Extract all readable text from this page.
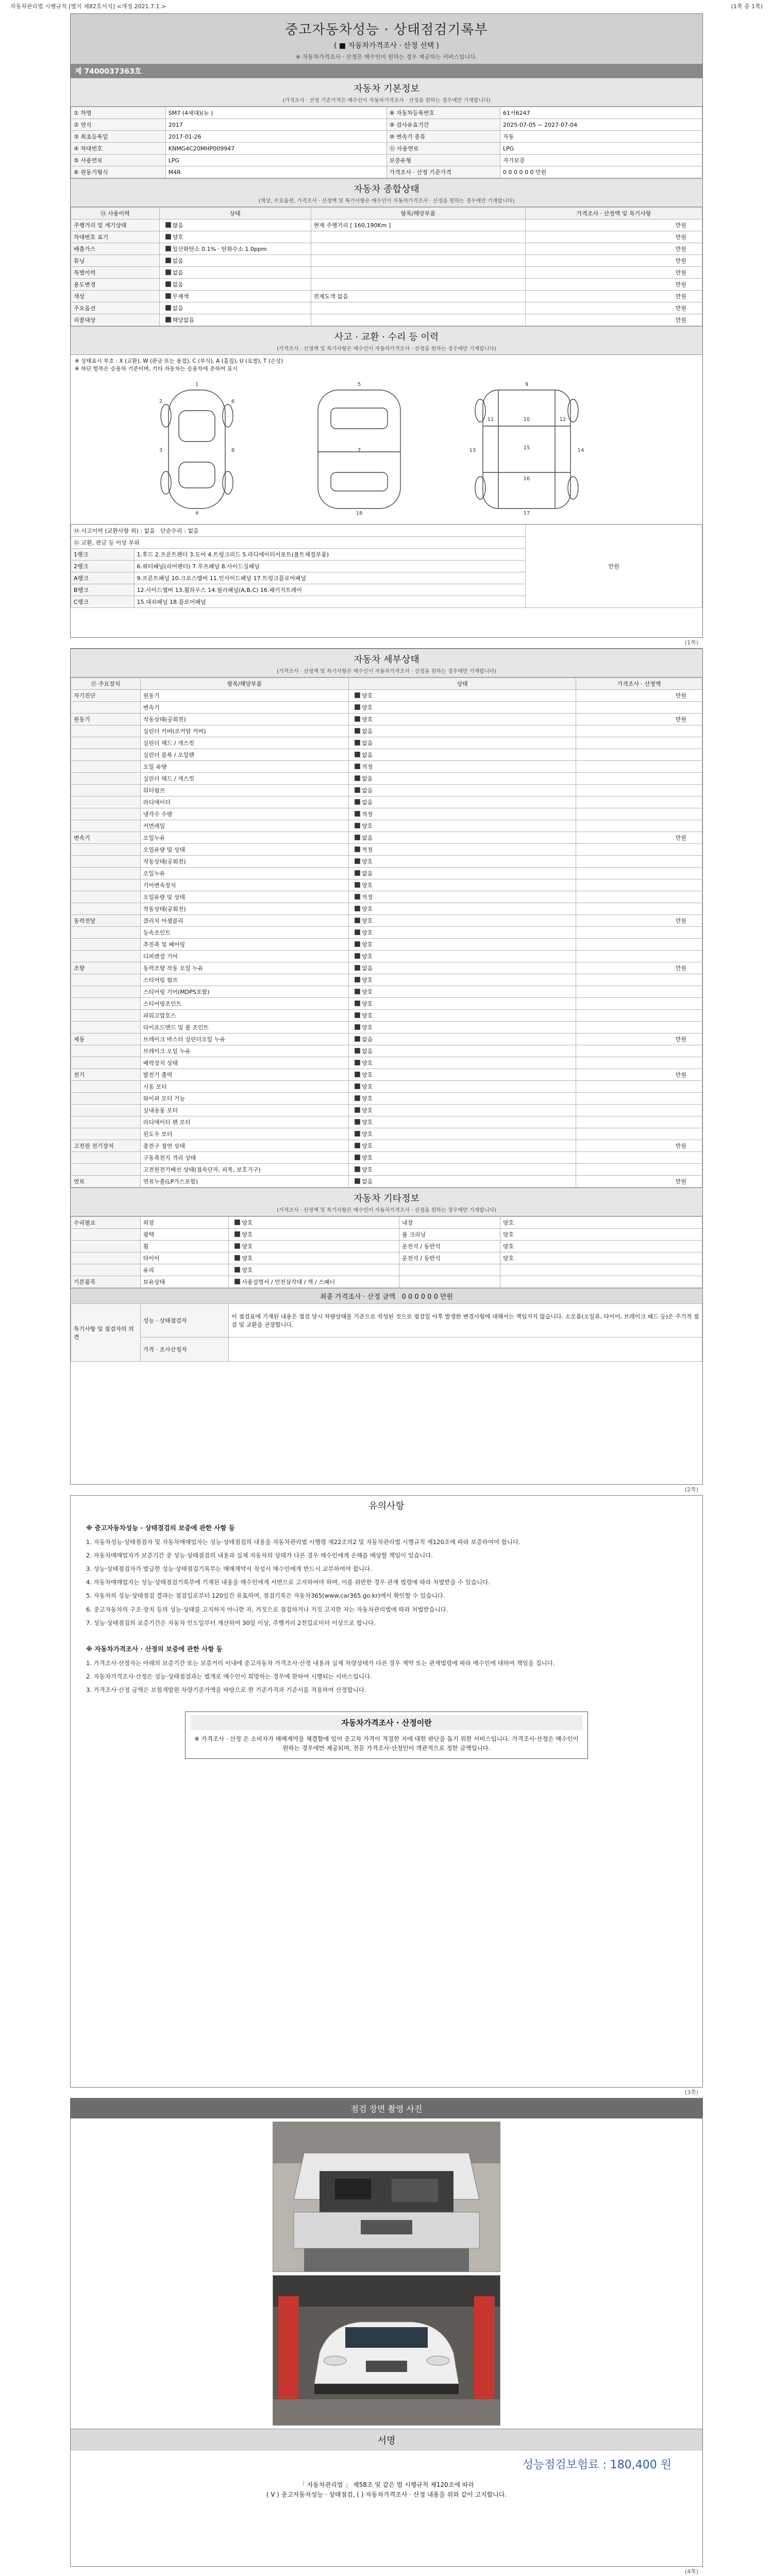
자동차관리법 시행규칙 [별지 제82호서식] <개정 2021.7.1.>	(1쪽 중 1쪽)
중고자동차성능 · 상태점검기록부
( ■ 자동차가격조사 · 산정 선택 )
※ 자동차가격조사 · 산정은 매수인이 원하는 경우 제공하는 서비스입니다.
제 7400037363호
자동차 기본정보
(가격조사 · 산정 기준가격은 매수인이 자동차가격조사 · 산정을 원하는 경우에만 기재합니다)
① 차명	SM7 (4세대)(뉴 )	⑧ 자동차등록번호	61서6247
② 연식	2017	⑨ 검사유효기간	2025-07-05 ~ 2027-07-04
③ 최초등록일	2017-01-26	⑩ 변속기 종류	자동
④ 차대번호	KNMG4C20MHP009947	⑪ 사용연료	LPG
⑤ 사용연료	LPG	보증유형	자가보증
⑥ 원동기형식	M4R	가격조사 · 산정 기준가격	0 0 0 0 0 0 만원
자동차 종합상태
(색상, 주요옵션, 가격조사 · 산정액 및 특기사항은 매수인이 자동차가격조사 · 산정을 원하는 경우에만 기재합니다)
⑬ 사용이력	상태	항목/해당부품	가격조사 · 산정액 및 특기사항
주행거리 및 계기상태	많음	현재 주행거리 [ 160,190Km ]	만원
차대번호 표기	양호		만원
배출가스	일산화탄소 0.1% · 탄화수소 1.0ppm		만원
튜닝	없음		만원
특별이력	없음		만원
용도변경	없음		만원
색상	무채색	전체도색 없음	만원
주요옵션	없음		만원
리콜대상	해당없음		만원
사고 · 교환 · 수리 등 이력
(가격조사 · 산정액 및 특기사항은 매수인이 자동차가격조사 · 산정을 원하는 경우에만 기재합니다)
※ 상태표시 부호 : X (교환), W (판금 또는 용접), C (부식), A (흠집), U (요철), T (손상)
※ 하단 항목은 승용차 기준이며, 기타 자동차는 승용차에 준하여 표시
1
2
3
4
5
6
7
8
9
10
11	12
13	14
15
16
17
18
⑭ 사고이력 (교환사항 외) : 없음 단순수리 : 없음		만원
⑮ 교환, 판금 등 이상 부위		
1랭크	1.후드 2.프론트펜더 3.도어 4.트렁크리드 5.라디에이터서포트(볼트체결부품)	
2랭크	6.쿼터패널(리어펜더) 7.루프패널 8.사이드실패널	
A랭크	9.프론트패널 10.크로스멤버 11.인사이드패널 17.트렁크플로어패널	
B랭크	12.사이드멤버 13.휠하우스 14.필러패널(A,B,C) 16.패키지트레이	
C랭크	15.대쉬패널 18.플로어패널	
(1쪽)
자동차 세부상태
(가격조사 · 산정액 및 특기사항은 매수인이 자동차가격조사 · 산정을 원하는 경우에만 기재합니다)
⑰ 주요장치	항목/해당부품	상태	가격조사 · 산정액
자기진단	원동기	양호	만원
	변속기	양호	
원동기	작동상태(공회전)	양호	만원
	실린더 커버(로커암 커버)	없음	
	실린더 헤드 / 개스킷	없음	
	실린더 블록 / 오일팬	없음	
	오일 유량	적정	
	실린더 헤드 / 개스킷	없음	
	워터펌프	없음	
	라디에이터	없음	
	냉각수 수량	적정	
	커먼레일	양호	
변속기	오일누유	없음	만원
	오일유량 및 상태	적정	
	작동상태(공회전)	양호	
	오일누유	없음	
	기어변속장치	양호	
	오일유량 및 상태	적정	
	작동상태(공회전)	양호	
동력전달	클러치 어셈블리	양호	만원
	등속조인트	양호	
	추진축 및 베어링	양호	
	디퍼렌셜 기어	양호	
조향	동력조향 작동 오일 누유	없음	만원
	스티어링 펌프	양호	
	스티어링 기어(MDPS포함)	양호	
	스티어링조인트	양호	
	파워고압호스	양호	
	타이로드엔드 및 볼 조인트	양호	
제동	브레이크 마스터 실린더오일 누유	없음	만원
	브레이크 오일 누유	없음	
	배력장치 상태	양호	
전기	발전기 출력	양호	만원
	시동 모터	양호	
	와이퍼 모터 기능	양호	
	실내송풍 모터	양호	
	라디에이터 팬 모터	양호	
	윈도우 모터	양호	
고전원 전기장치	충전구 절연 상태	양호	만원
	구동축전지 격리 상태	양호	
	고전원전기배선 상태(접속단자, 피복, 보호기구)	양호	
연료	연료누출(LP가스포함)	없음	만원
자동차 기타정보
(가격조사 · 산정액 및 특기사항은 매수인이 자동차가격조사 · 산정을 원하는 경우에만 기재합니다)
수리필요	외장	양호	내장	양호
	광택	양호	룸 크리닝	양호
	휠	양호	운전석 / 동반석	양호
	타이어	양호	운전석 / 동반석	양호
	유리	양호		
기본품목	보유상태	사용설명서 / 안전삼각대 / 잭 / 스패너		
최종 가격조사 · 산정 금액 0 0 0 0 0 0 만원
특기사항 및 점검자의 의견	성능 · 상태점검자	이 점검표에 기재된 내용은 점검 당시 차량상태를 기준으로 작성된 것으로 점검일 이후 발생한 변경사항에 대해서는 책임지지 않습니다. 소모품(오일류, 타이어, 브레이크 패드 등)은 주기적 점검 및 교환을 권장합니다.
	가격 · 조사산정자	
(2쪽)
유의사항
※ 중고자동차성능 · 상태점검의 보증에 관한 사항 등

1. 자동차성능·상태점검자 및 자동차매매업자는 성능·상태점검의 내용을 자동차관리법 시행령 제22조의2 및 자동차관리법 시행규칙 제120조에 따라 보증하여야 합니다.

2. 자동차매매업자가 보증기간 중 성능·상태점검의 내용과 실제 자동차의 상태가 다른 경우 매수인에게 손해를 배상할 책임이 있습니다.

3. 성능·상태점검자가 발급한 성능·상태점검기록부는 매매계약서 작성시 매수인에게 반드시 교부하여야 합니다.

4. 자동차매매업자는 성능·상태점검기록부에 기재된 내용을 매수인에게 서면으로 고지하여야 하며, 이를 위반한 경우 관계 법령에 따라 처벌받을 수 있습니다.

5. 자동차의 성능·상태점검 결과는 점검일로부터 120일간 유효하며, 점검기록은 자동차365(www.car365.go.kr)에서 확인할 수 있습니다.

6. 중고자동차의 구조·장치 등의 성능·상태를 고지하지 아니한 자, 거짓으로 점검하거나 거짓 고지한 자는 자동차관리법에 따라 처벌받습니다.

7. 성능·상태점검의 보증기간은 자동차 인도일부터 계산하여 30일 이상, 주행거리 2천킬로미터 이상으로 합니다.

※ 자동차가격조사 · 산정의 보증에 관한 사항 등

1. 가격조사·산정자는 아래의 보증기간 또는 보증거리 이내에 중고자동차 가격조사·산정 내용과 실제 차량상태가 다른 경우 계약 또는 관계법령에 따라 매수인에 대하여 책임을 집니다.

2. 자동차가격조사·산정은 성능·상태점검과는 별개로 매수인이 희망하는 경우에 한하여 시행되는 서비스입니다.

3. 가격조사·산정 금액은 보험개발원 차량기준가액을 바탕으로 한 기준가격과 기준서를 적용하여 산정합니다.

자동차가격조사 · 산정이란
※ 가격조사 · 산정 은 소비자가 매매계약을 체결함에 있어 중고차 가격이 적절한 지에 대한 판단을 돕기 위한 서비스입니다. 가격조사·산정은 매수인이 원하는 경우에만 제공되며, 전문 가격조사·산정인이 객관적으로 정한 금액입니다.
(3쪽)
점검 장면 촬영 사진
서명
성능점검보험료 : 180,400 원
「 자동차관리법 」 제58조 및 같은 법 시행규칙 제120조에 따라
( V ) 중고자동차성능 · 상태점검, ( ) 자동차가격조사 · 산정 내용을 위와 같이 고지합니다.
(4쪽)
